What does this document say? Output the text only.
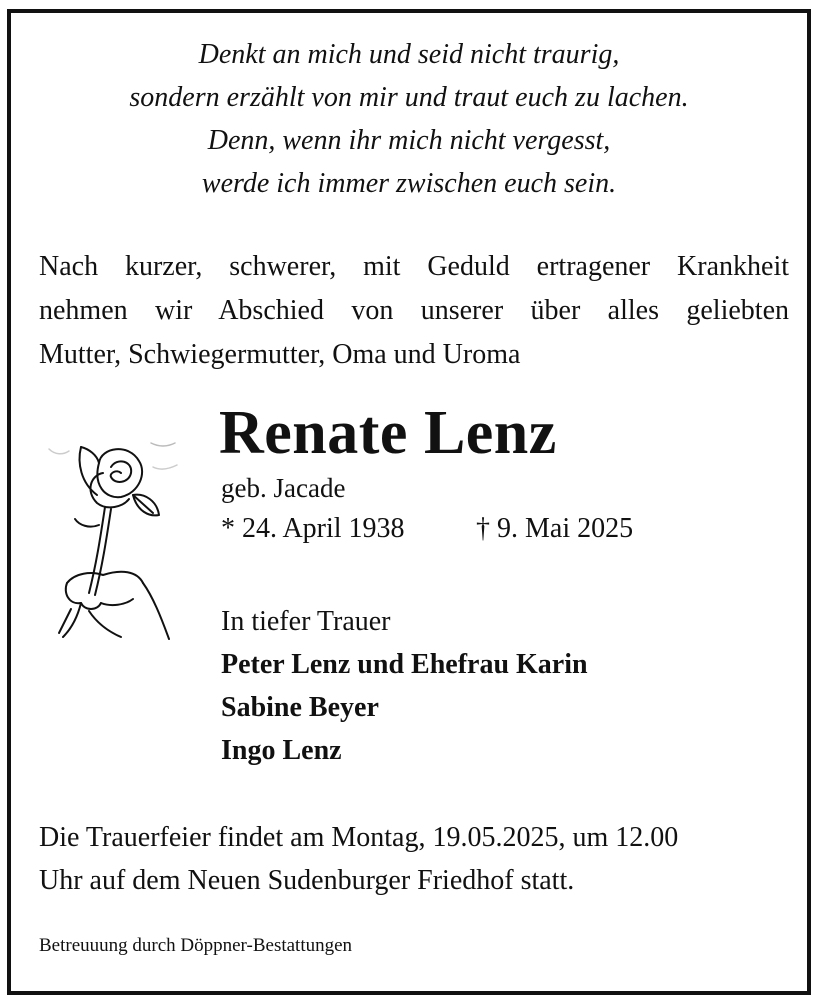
Denkt an mich und seid nicht traurig,
sondern erzählt von mir und traut euch zu lachen.
Denn, wenn ihr mich nicht vergesst,
werde ich immer zwischen euch sein.
Nach kurzer, schwerer, mit Geduld ertragener Krankheit
nehmen wir Abschied von unserer über alles geliebten
Mutter, Schwiegermutter, Oma und Uroma
Renate Lenz
geb. Jacade
* 24. April 1938	† 9. Mai 2025
In tiefer Trauer
Peter Lenz und Ehefrau Karin
Sabine Beyer
Ingo Lenz
Die Trauerfeier findet am Montag, 19.05.2025, um 12.00
Uhr auf dem Neuen Sudenburger Friedhof statt.
Betreuuung durch Döppner-Bestattungen
